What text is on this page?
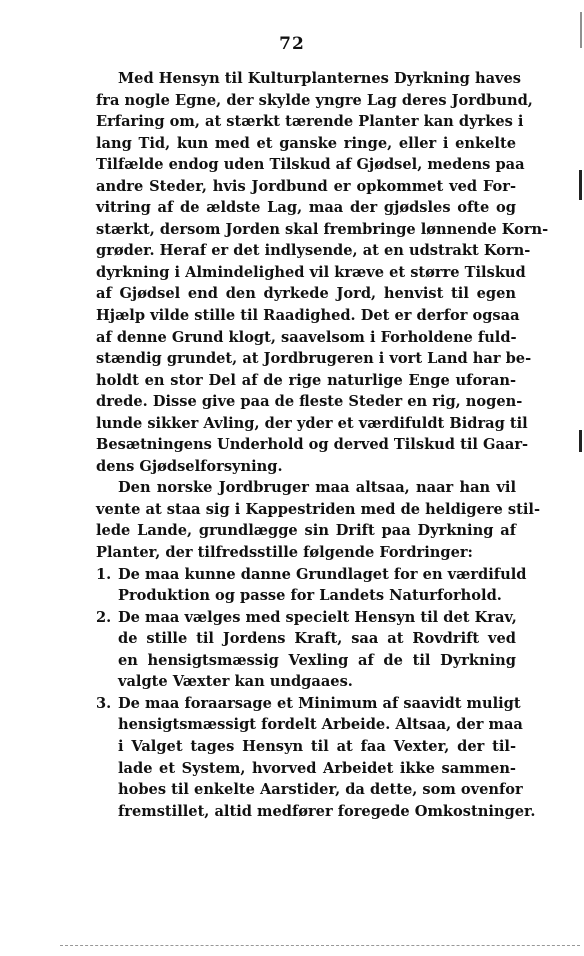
72
Med Hensyn til Kulturplanternes Dyrkning haves
fra nogle Egne, der skylde yngre Lag deres Jordbund,
Erfaring om, at stærkt tærende Planter kan dyrkes i
lang Tid, kun med et ganske ringe, eller i enkelte
Tilfælde endog uden Tilskud af Gjødsel, medens paa
andre Steder, hvis Jordbund er opkommet ved For-
vitring af de ældste Lag, maa der gjødsles ofte og
stærkt, dersom Jorden skal frembringe lønnende Korn-
grøder. Heraf er det indlysende, at en udstrakt Korn-
dyrkning i Almindelighed vil kræve et større Tilskud
af Gjødsel end den dyrkede Jord, henvist til egen
Hjælp vilde stille til Raadighed. Det er derfor ogsaa
af denne Grund klogt, saavelsom i Forholdene fuld-
stændig grundet, at Jordbrugeren i vort Land har be-
holdt en stor Del af de rige naturlige Enge uforan-
drede. Disse give paa de fleste Steder en rig, nogen-
lunde sikker Avling, der yder et værdifuldt Bidrag til
Besætningens Underhold og derved Tilskud til Gaar-
dens Gjødselforsyning.
Den norske Jordbruger maa altsaa, naar han vil
vente at staa sig i Kappestriden med de heldigere stil-
lede Lande, grundlægge sin Drift paa Dyrkning af
Planter, der tilfredsstille følgende Fordringer:
1. De maa kunne danne Grundlaget for en værdifuld
Produktion og passe for Landets Naturforhold.
2. De maa vælges med specielt Hensyn til det Krav,
de stille til Jordens Kraft, saa at Rovdrift ved
en hensigtsmæssig Vexling af de til Dyrkning
valgte Væxter kan undgaaes.
3. De maa foraarsage et Minimum af saavidt muligt
hensigtsmæssigt fordelt Arbeide. Altsaa, der maa
i Valget tages Hensyn til at faa Vexter, der til-
lade et System, hvorved Arbeidet ikke sammen-
hobes til enkelte Aarstider, da dette, som ovenfor
fremstillet, altid medfører foregede Omkostninger.
